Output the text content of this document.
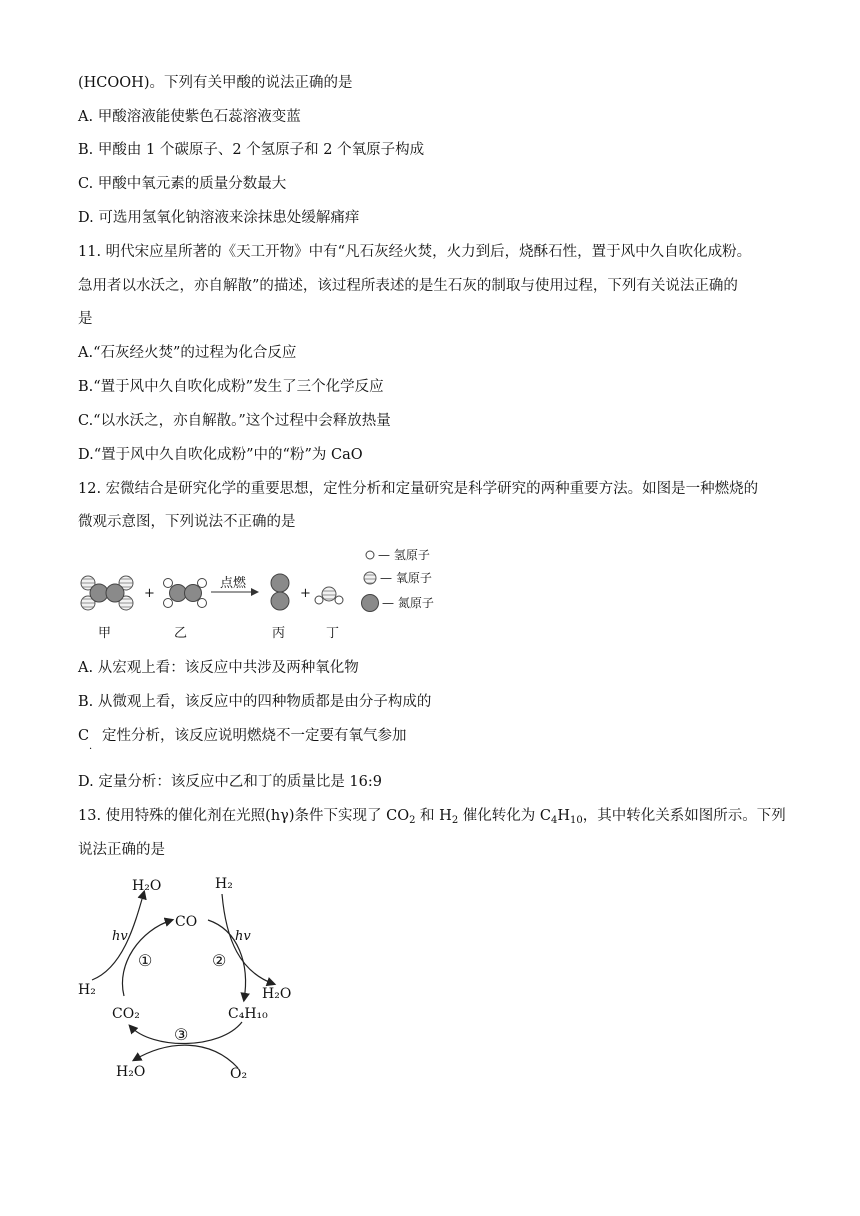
(HCOOH)。下列有关甲酸的说法正确的是
A. 甲酸溶液能使紫色石蕊溶液变蓝
B. 甲酸由 1 个碳原子、2 个氢原子和 2 个氧原子构成
C. 甲酸中氧元素的质量分数最大
D. 可选用氢氧化钠溶液来涂抹患处缓解痛痒
11. 明代宋应星所著的《天工开物》中有“凡石灰经火焚，火力到后，烧酥石性，置于风中久自吹化成粉。
急用者以水沃之，亦自解散”的描述，该过程所表述的是生石灰的制取与使用过程，下列有关说法正确的
是
A.“石灰经火焚”的过程为化合反应
B.“置于风中久自吹化成粉”发生了三个化学反应
C.“以水沃之，亦自解散。”这个过程中会释放热量
D.“置于风中久自吹化成粉”中的“粉”为 CaO
12. 宏微结合是研究化学的重要思想，定性分析和定量研究是科学研究的两种重要方法。如图是一种燃烧的
微观示意图，下列说法不正确的是
+
点燃
+
甲	乙	丙	丁
— 氢原子
— 氧原子
— 氮原子
A. 从宏观上看：该反应中共涉及两种氧化物
B. 从微观上看，该反应中的四种物质都是由分子构成的
C 定性分析，该反应说明燃烧不一定要有氧气参加
·
D. 定量分析：该反应中乙和丁的质量比是 16:9
13. 使用特殊的催化剂在光照(hγ)条件下实现了 $CO_2$ 和 $H_2$ 催化转化为 $C_4H_{10}$，其中转化关系如图所示。下列
说法正确的是
CO
CO₂	C₄H₁₀
①	②
③
hv	hv
H₂O
H₂
H₂
H₂O
H₂O	O₂
